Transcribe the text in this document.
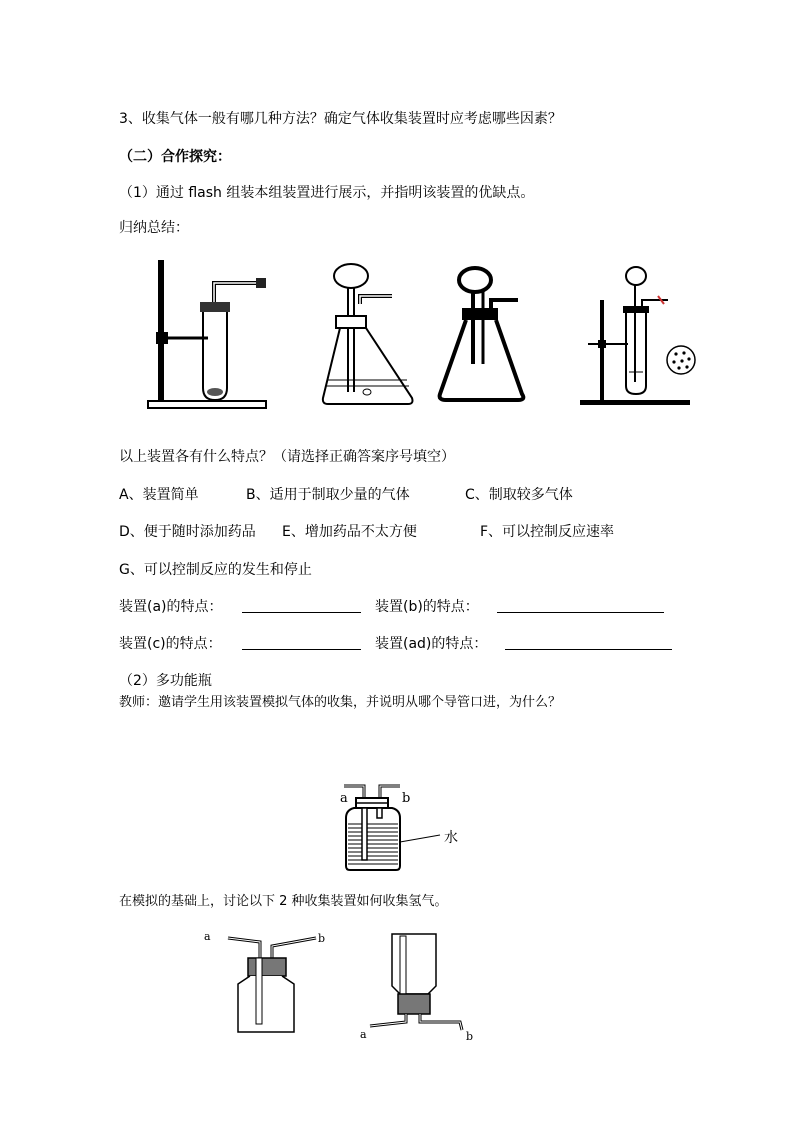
3、收集气体一般有哪几种方法？确定气体收集装置时应考虑哪些因素？
（二）合作探究：
（1）通过 flash 组装本组装置进行展示，并指明该装置的优缺点。
归纳总结：
以上装置各有什么特点？（请选择正确答案序号填空）
A、装置简单	B、适用于制取少量的气体	C、制取较多气体
D、便于随时添加药品 E、增加药品不太方便	F、可以控制反应速率
G、可以控制反应的发生和停止
装置(a)的特点：	装置(b)的特点：
装置(c)的特点：	装置(ad)的特点：
（2）多功能瓶
教师：邀请学生用该装置模拟气体的收集，并说明从哪个导管口进，为什么？
a	b
水
在模拟的基础上，讨论以下 2 种收集装置如何收集氢气。
a	b
a	b
